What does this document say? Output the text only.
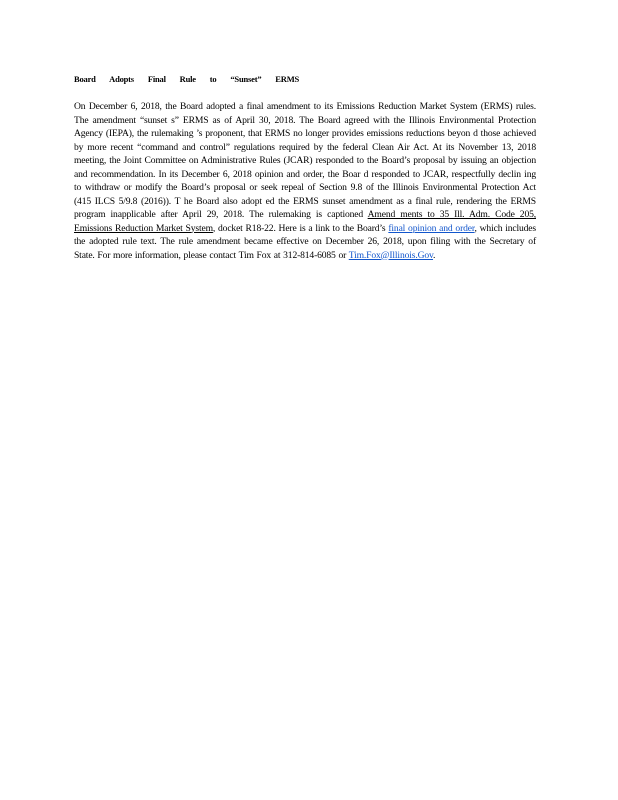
Board Adopts Final Rule to “Sunset” ERMS
On December 6, 2018, the Board adopted a final amendment to its Emissions Reduction Market System (ERMS) rules. The amendment “sunset s” ERMS as of April 30, 2018. The Board agreed with the Illinois Environmental Protection Agency (IEPA), the rulemaking ’s proponent, that ERMS no longer provides emissions reductions beyon d those achieved by more recent “command and control” regulations required by the federal Clean Air Act. At its November 13, 2018 meeting, the Joint Committee on Administrative Rules (JCAR) responded to the Board’s proposal by issuing an objection and recommendation. In its December 6, 2018 opinion and order, the Boar d responded to JCAR, respectfully declin ing to withdraw or modify the Board’s proposal or seek repeal of Section 9.8 of the Illinois Environmental Protection Act (415 ILCS 5/9.8 (2016)). T he Board also adopt ed the ERMS sunset amendment as a final rule, rendering the ERMS program inapplicable after April 29, 2018. The rulemaking is captioned Amend ments to 35 Ill. Adm. Code 205, Emissions Reduction Market System, docket R18-22. Here is a link to the Board’s final opinion and order, which includes the adopted rule text. The rule amendment became effective on December 26, 2018, upon filing with the Secretary of State. For more information, please contact Tim Fox at 312-814-6085 or Tim.Fox@Illinois.Gov.
